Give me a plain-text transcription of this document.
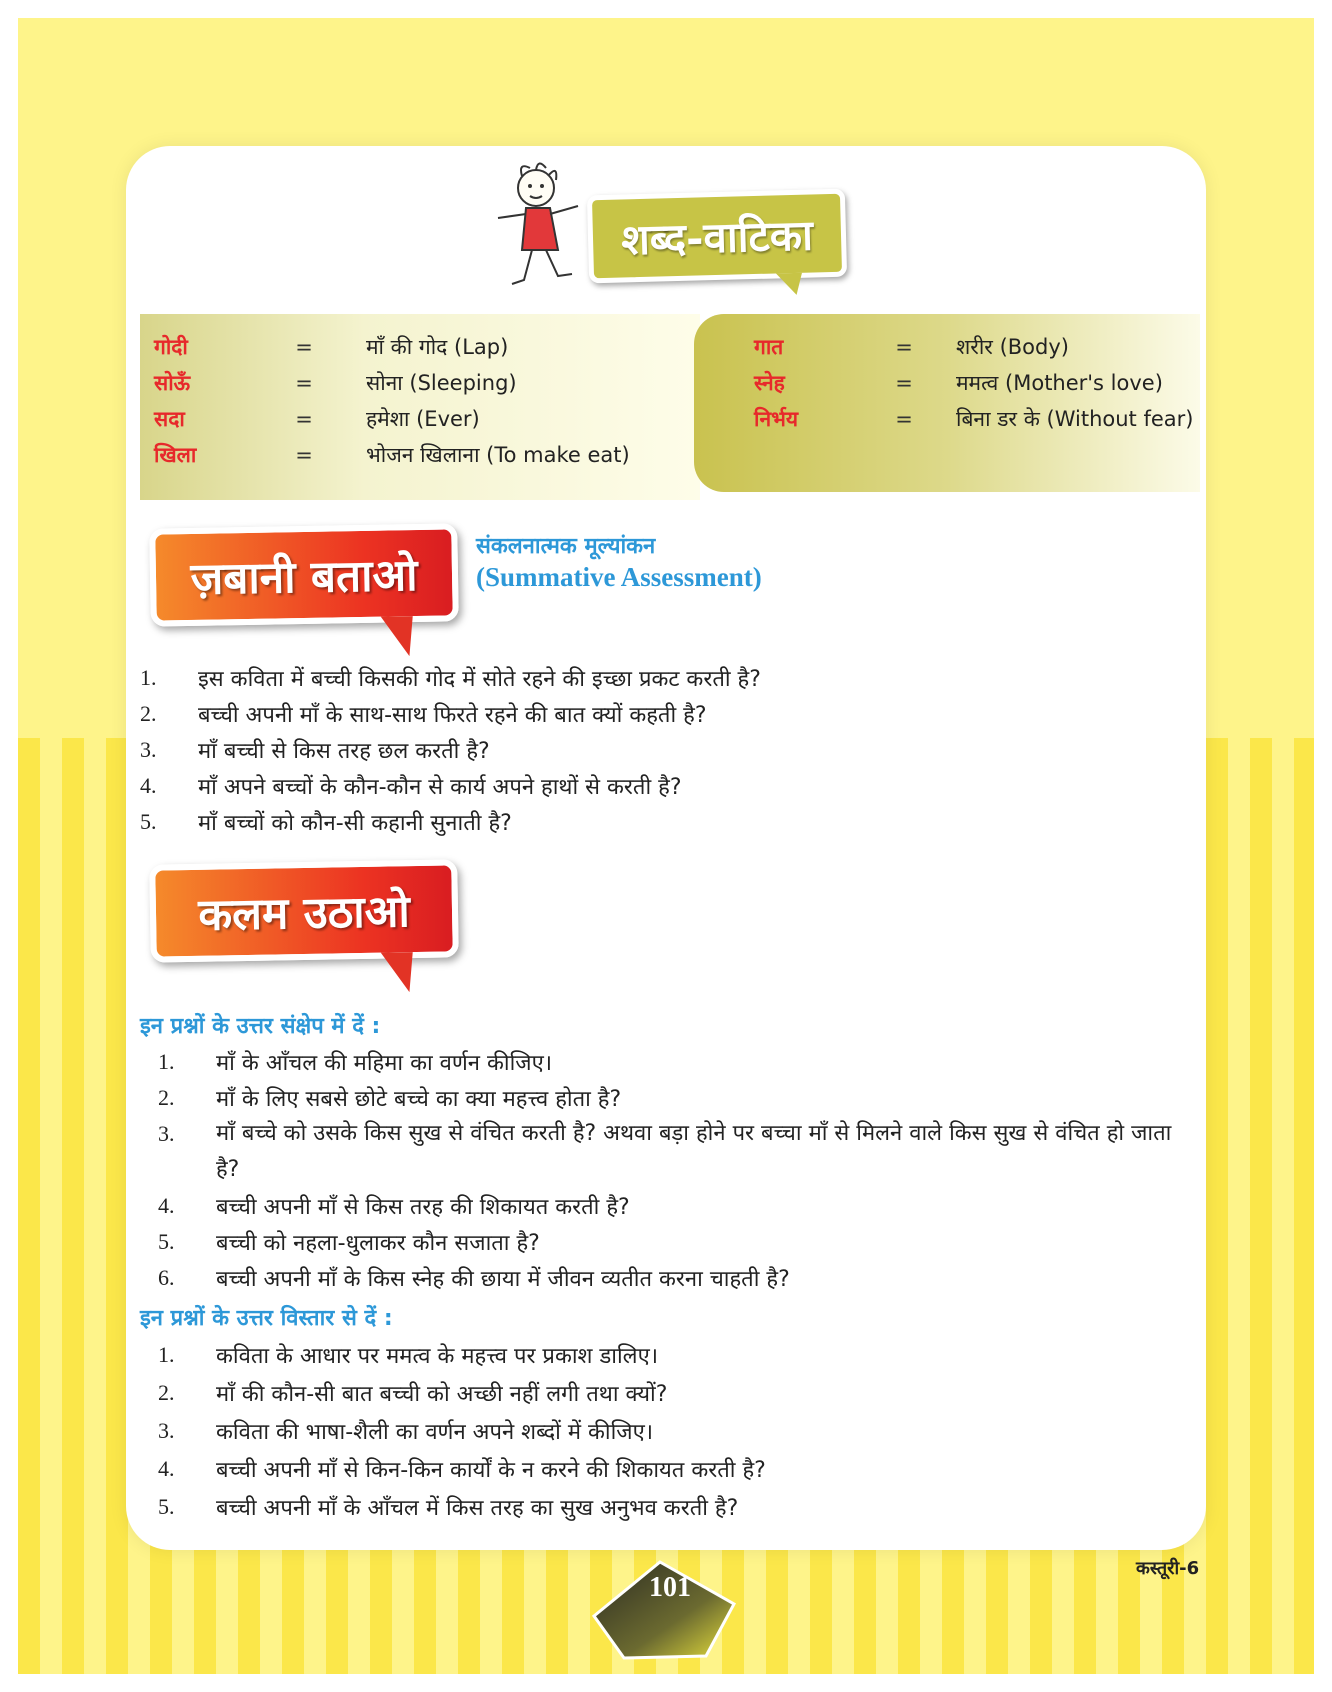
शब्द-वाटिका
गोदी	=	माँ की गोद (Lap)
सोऊँ	=	सोना (Sleeping)
सदा	=	हमेशा (Ever)
खिला	=	भोजन खिलाना (To make eat)
गात	=	शरीर (Body)
स्नेह	=	ममत्व (Mother's love)
निर्भय	=	बिना डर के (Without fear)
ज़बानी बताओ
संकलनात्मक मूल्यांकन
(Summative Assessment)
1.	इस कविता में बच्ची किसकी गोद में सोते रहने की इच्छा प्रकट करती है?
2.	बच्ची अपनी माँ के साथ-साथ फिरते रहने की बात क्यों कहती है?
3.	माँ बच्ची से किस तरह छल करती है?
4.	माँ अपने बच्चों के कौन-कौन से कार्य अपने हाथों से करती है?
5.	माँ बच्चों को कौन-सी कहानी सुनाती है?
कलम उठाओ
इन प्रश्नों के उत्तर संक्षेप में दें :
1.	माँ के आँचल की महिमा का वर्णन कीजिए।
2.	माँ के लिए सबसे छोटे बच्चे का क्या महत्त्व होता है?
3.	माँ बच्चे को उसके किस सुख से वंचित करती है? अथवा बड़ा होने पर बच्चा माँ से मिलने वाले किस सुख से वंचित हो जाता है?
4.	बच्ची अपनी माँ से किस तरह की शिकायत करती है?
5.	बच्ची को नहला-धुलाकर कौन सजाता है?
6.	बच्ची अपनी माँ के किस स्नेह की छाया में जीवन व्यतीत करना चाहती है?
इन प्रश्नों के उत्तर विस्तार से दें :
1.	कविता के आधार पर ममत्व के महत्त्व पर प्रकाश डालिए।
2.	माँ की कौन-सी बात बच्ची को अच्छी नहीं लगी तथा क्यों?
3.	कविता की भाषा-शैली का वर्णन अपने शब्दों में कीजिए।
4.	बच्ची अपनी माँ से किन-किन कार्यों के न करने की शिकायत करती है?
5.	बच्ची अपनी माँ के आँचल में किस तरह का सुख अनुभव करती है?
101
कस्तूरी-6
